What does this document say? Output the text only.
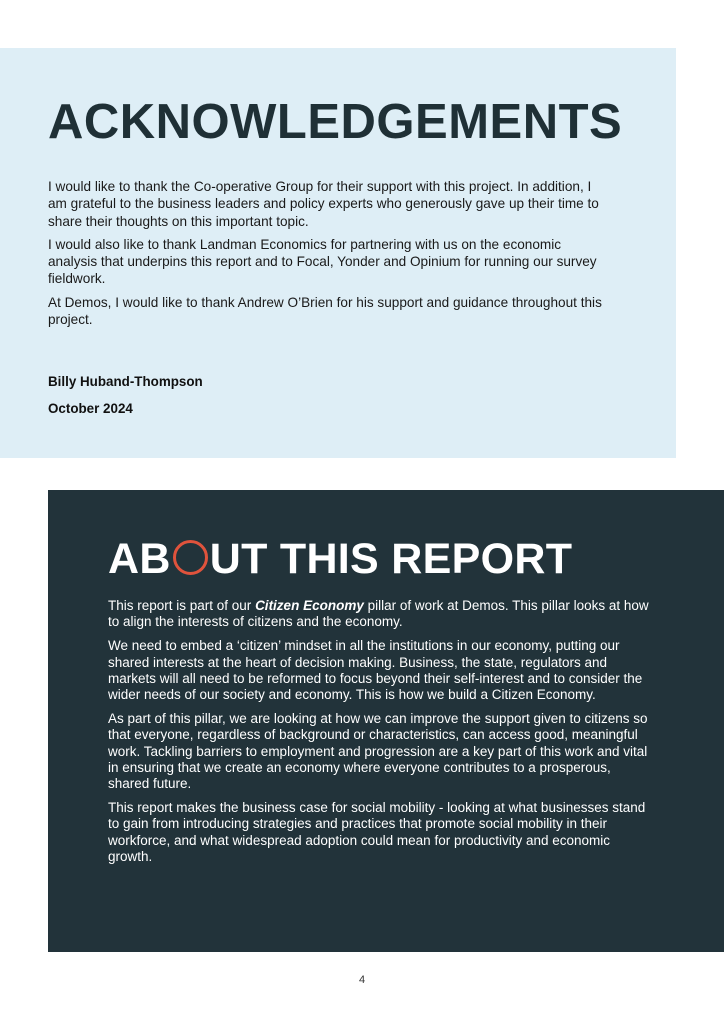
ACKNOWLEDGEMENTS

I would like to thank the Co-operative Group for their support with this project. In addition, I am grateful to the business leaders and policy experts who generously gave up their time to share their thoughts on this important topic.

I would also like to thank Landman Economics for partnering with us on the economic analysis that underpins this report and to Focal, Yonder and Opinium for running our survey fieldwork.

At Demos, I would like to thank Andrew O’Brien for his support and guidance throughout this project.

Billy Huband-Thompson
October 2024
AB UT THIS REPORT

This report is part of our Citizen Economy pillar of work at Demos. This pillar looks at how to align the interests of citizens and the economy.

We need to embed a ‘citizen’ mindset in all the institutions in our economy, putting our shared interests at the heart of decision making. Business, the state, regulators and markets will all need to be reformed to focus beyond their self-interest and to consider the wider needs of our society and economy. This is how we build a Citizen Economy.

As part of this pillar, we are looking at how we can improve the support given to citizens so that everyone, regardless of background or characteristics, can access good, meaningful work. Tackling barriers to employment and progression are a key part of this work and vital in ensuring that we create an economy where everyone contributes to a prosperous, shared future.

This report makes the business case for social mobility - looking at what businesses stand to gain from introducing strategies and practices that promote social mobility in their workforce, and what widespread adoption could mean for productivity and economic growth.

4
